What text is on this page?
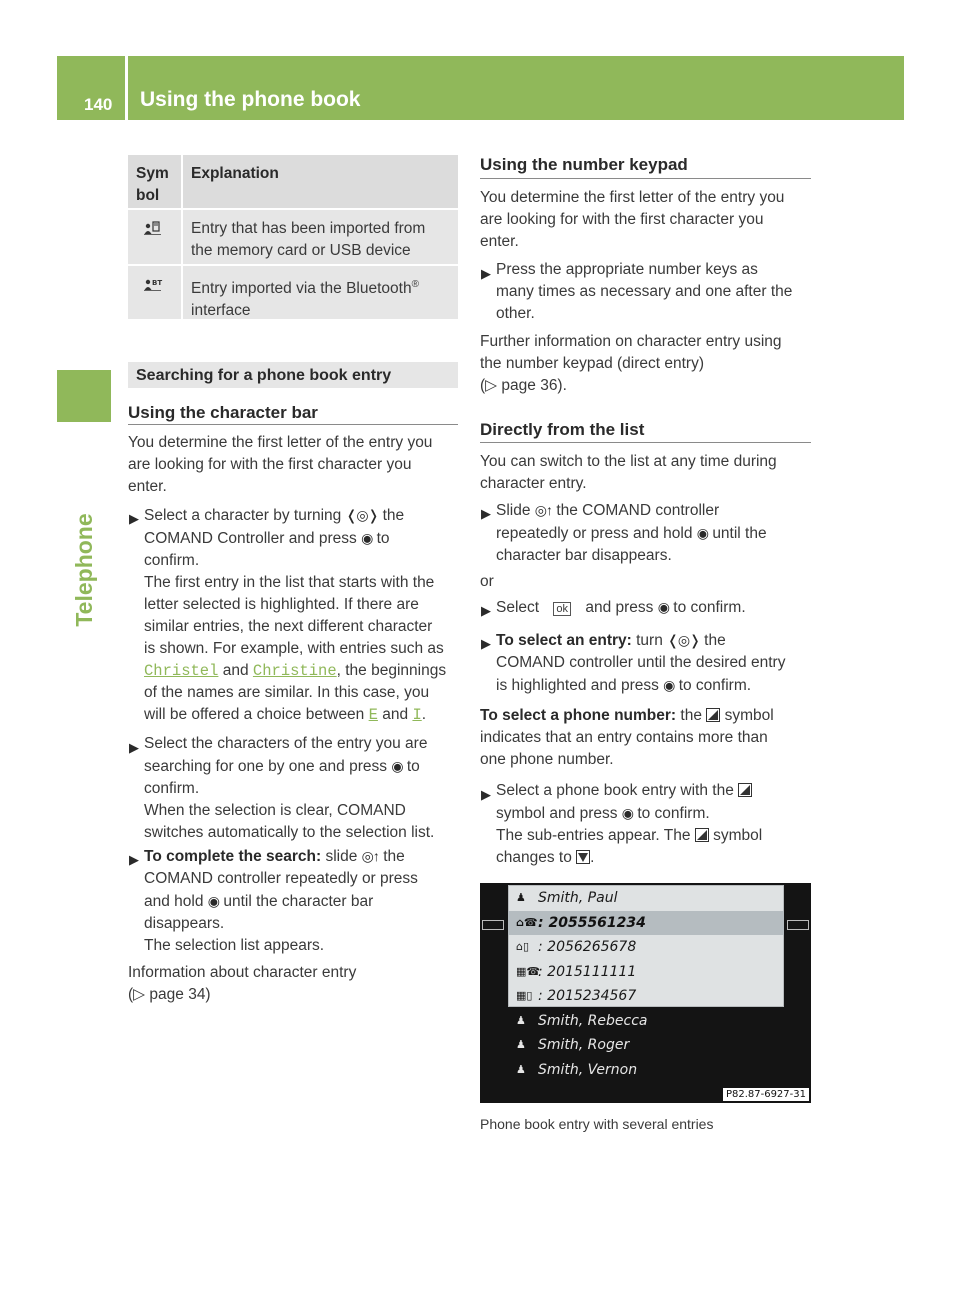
140 Using the phone book
Telephone
Sym
bol
Explanation
Entry that has been imported from
the memory card or USB device
BT Entry imported via the Bluetooth®
interface
Searching for a phone book entry
Using the character bar
You determine the first letter of the entry you
are looking for with the first character you
enter.
▶ Select a character by turning ❬◎❭ the
COMAND Controller and press ◉ to
confirm.
The first entry in the list that starts with the
letter selected is highlighted. If there are
similar entries, the next different character
is shown. For example, with entries such as
Christel and Christine, the beginnings
of the names are similar. In this case, you
will be offered a choice between E and I.
▶ Select the characters of the entry you are
searching for one by one and press ◉ to
confirm.
When the selection is clear, COMAND
switches automatically to the selection list.
▶ To complete the search: slide ◎↑ the
COMAND controller repeatedly or press
and hold ◉ until the character bar
disappears.
The selection list appears.
Information about character entry
(▷ page 34)
Using the number keypad
You determine the first letter of the entry you
are looking for with the first character you
enter.
▶ Press the appropriate number keys as
many times as necessary and one after the
other.
Further information on character entry using
the number keypad (direct entry)
(▷ page 36).
Directly from the list
You can switch to the list at any time during
character entry.
▶ Slide ◎↑ the COMAND controller
repeatedly or press and hold ◉ until the
character bar disappears.
or
▶ Select ok and press ◉ to confirm.
▶ To select an entry: turn ❬◎❭ the
COMAND controller until the desired entry
is highlighted and press ◉ to confirm.
To select a phone number: the symbol
indicates that an entry contains more than
one phone number.
▶ Select a phone book entry with the
symbol and press ◉ to confirm.
The sub-entries appear. The symbol
changes to .
♟ Smith, Paul
⌂☎ : 2055561234
⌂▯ : 2056265678
▦☎
: 2015111111
▦▯ : 2015234567
♟ Smith, Rebecca
♟ Smith, Roger
♟ Smith, Vernon
P82.87-6927-31
Phone book entry with several entries
